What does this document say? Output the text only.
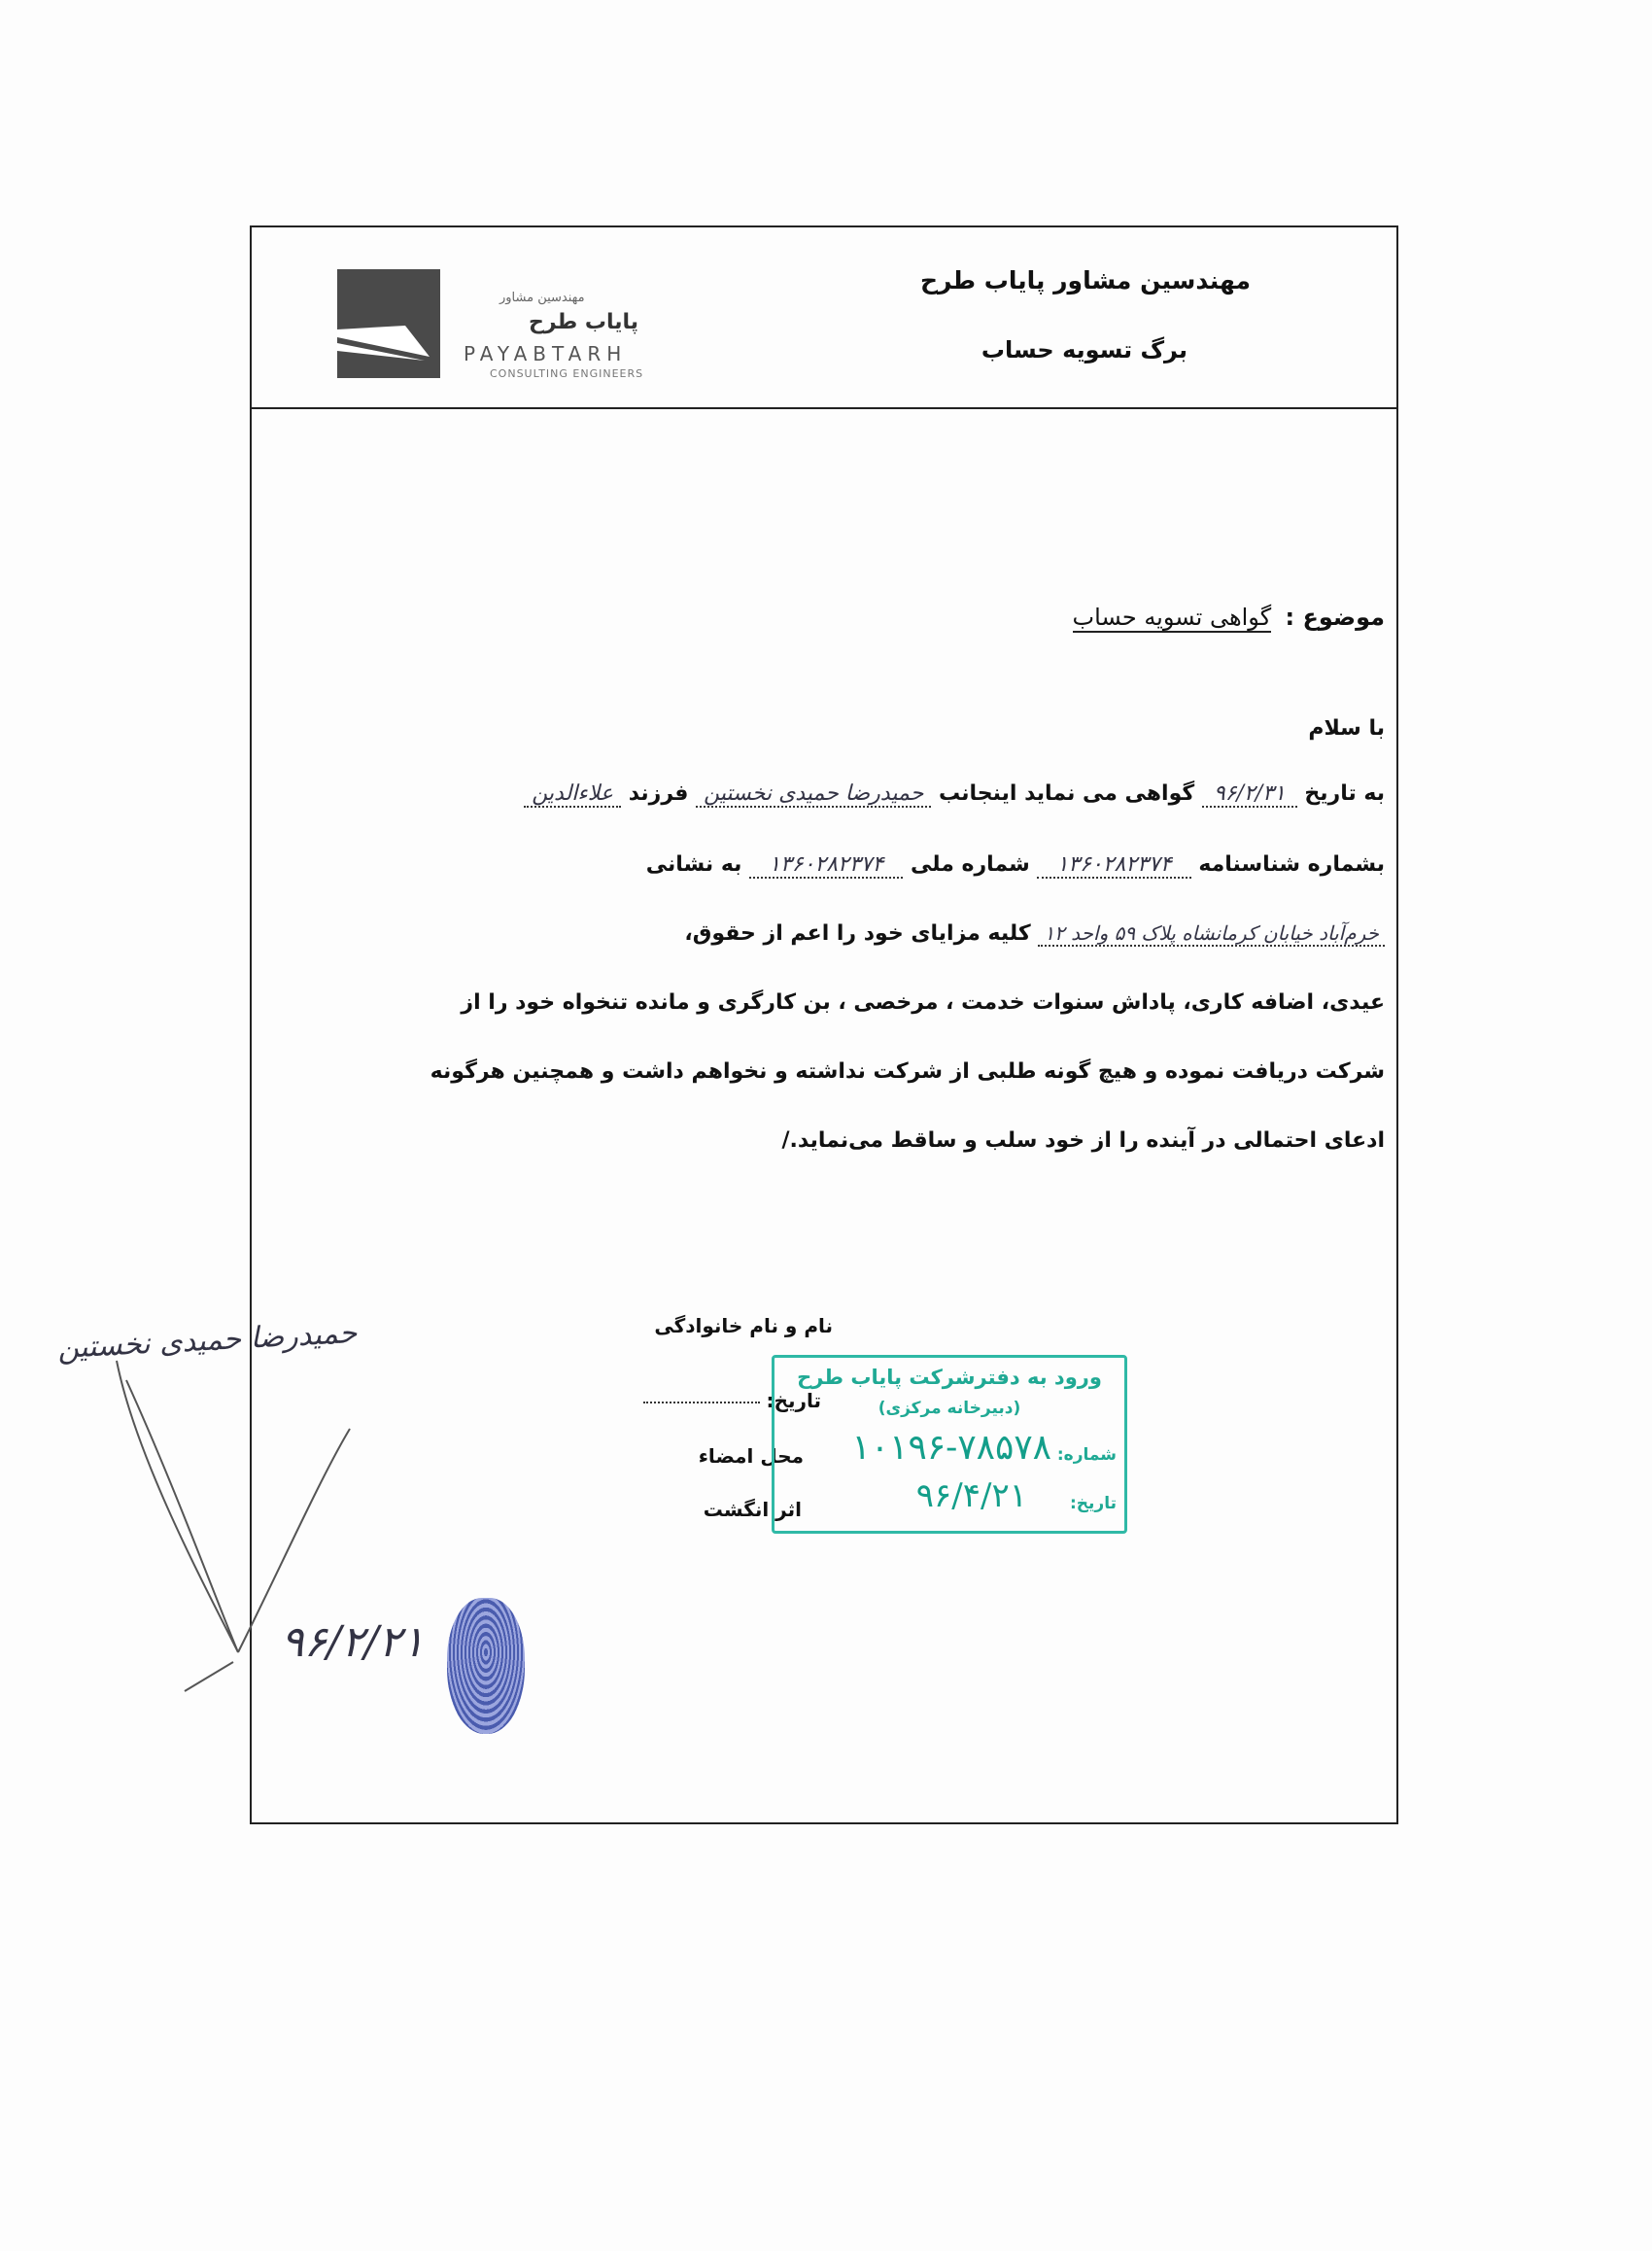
مهندسین مشاور پایاب طرح
برگ تسویه حساب
مهندسین مشاور
پایاب طرح
PAYABTARH
CONSULTING ENGINEERS
موضوع : گواهی تسویه حساب
با سلام
به تاریخ ۹۶/۲/۳۱ گواهی می نماید اینجانب حمیدرضا حمیدی نخستین فرزند علاءالدین
بشماره شناسنامه ۱۳۶۰۲۸۲۳۷۴ شماره ملی ۱۳۶۰۲۸۲۳۷۴ به نشانی
خرم‌آباد خیابان کرمانشاه پلاک ۵۹ واحد ۱۲ کلیه مزایای خود را اعم از حقوق،
عیدی، اضافه کاری، پاداش سنوات خدمت ، مرخصی ، بن کارگری و مانده تنخواه خود را از
شرکت دریافت نموده و هیچ گونه طلبی از شرکت نداشته و نخواهم داشت و همچنین هرگونه
ادعای احتمالی در آینده را از خود سلب و ساقط می‌نماید./
نام و نام خانوادگی
تاریخ:
محل امضاء
اثر انگشت
حمیدرضا حمیدی نخستین
۹۶/۲/۲۱
ورود به دفترشرکت پایاب طرح
(دبیرخانه مرکزی)
شماره:
۱۰۱۹۶-۷۸۵۷۸
تاریخ:
۹۶/۴/۲۱
